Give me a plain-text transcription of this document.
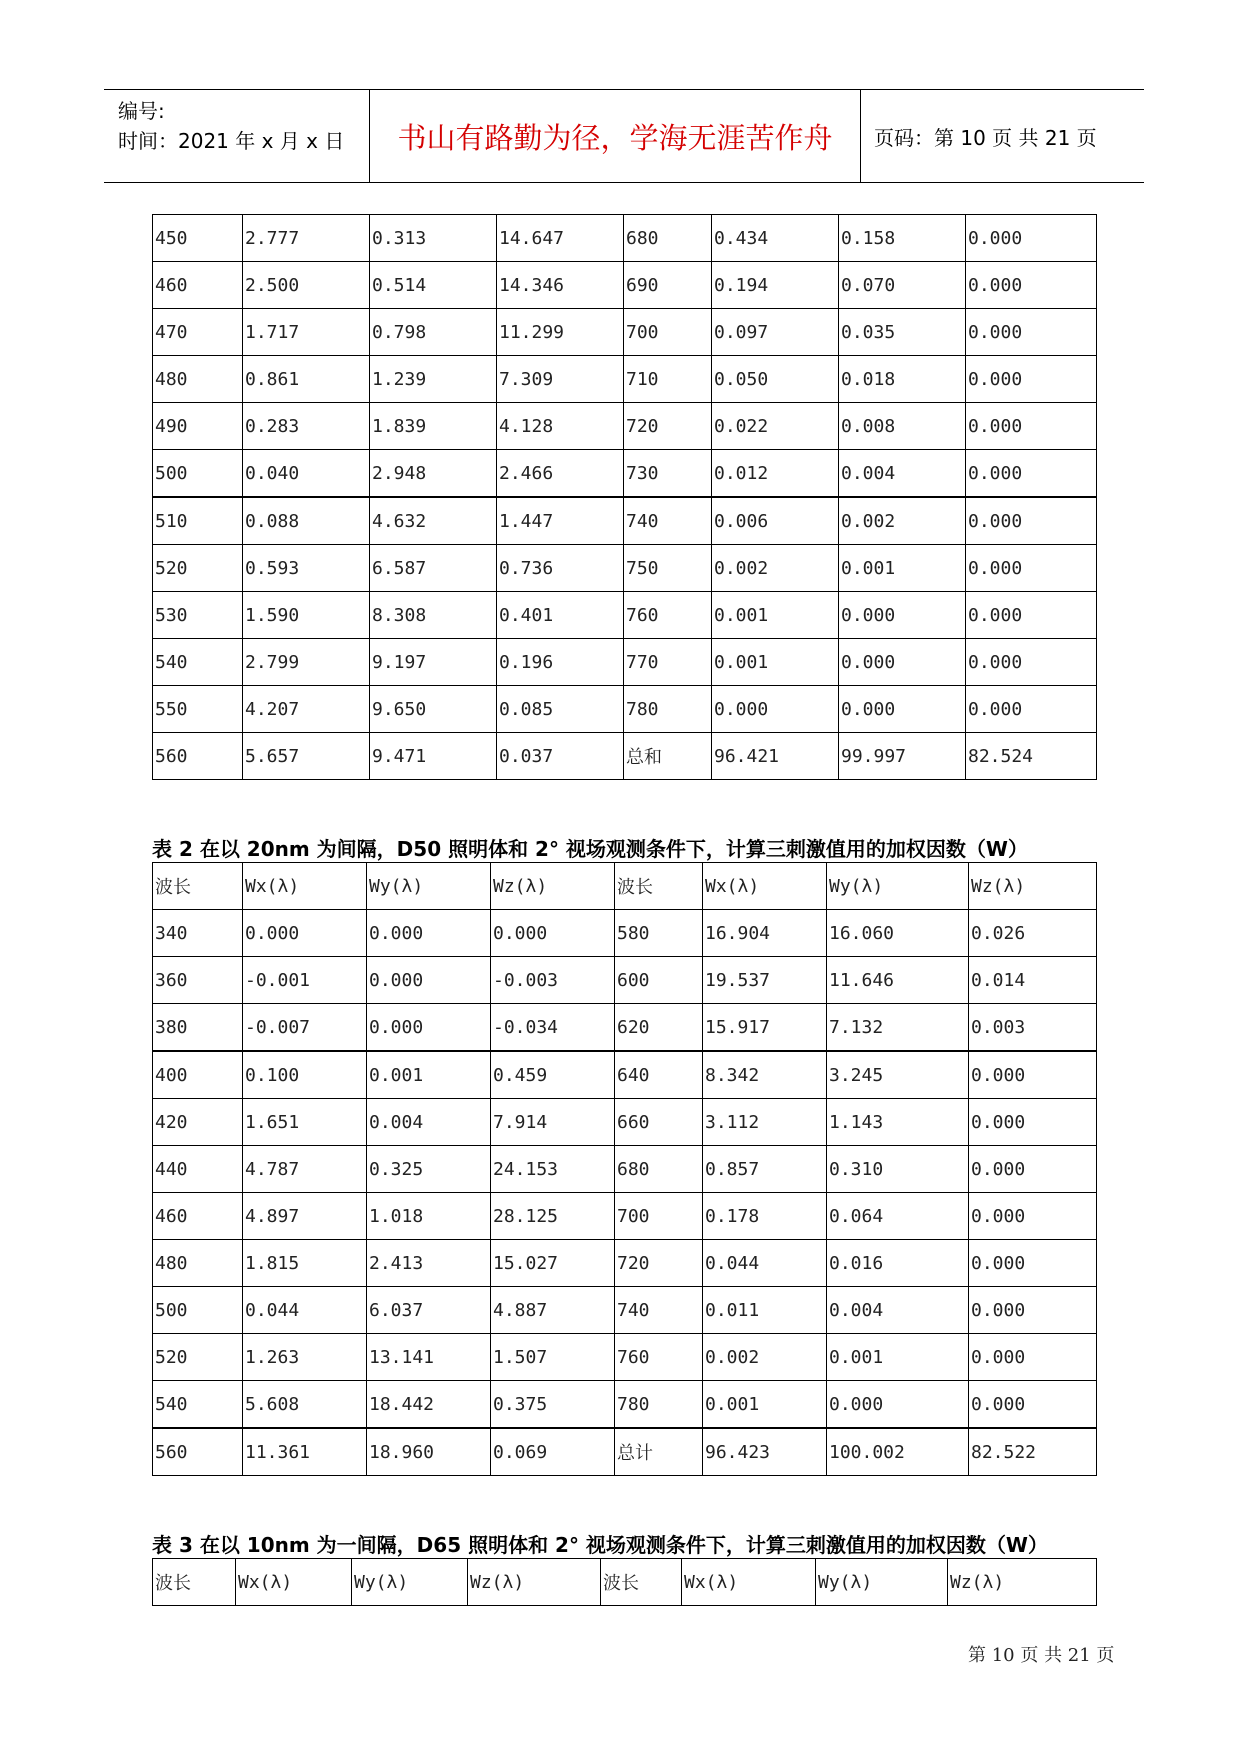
编号:
时间：2021 年 x 月 x 日	书山有路勤为径，学海无涯苦作舟	页码：第 10 页 共 21 页
450	2.777	0.313	14.647	680	0.434	0.158	0.000
460	2.500	0.514	14.346	690	0.194	0.070	0.000
470	1.717	0.798	11.299	700	0.097	0.035	0.000
480	0.861	1.239	7.309	710	0.050	0.018	0.000
490	0.283	1.839	4.128	720	0.022	0.008	0.000
500	0.040	2.948	2.466	730	0.012	0.004	0.000
510	0.088	4.632	1.447	740	0.006	0.002	0.000
520	0.593	6.587	0.736	750	0.002	0.001	0.000
530	1.590	8.308	0.401	760	0.001	0.000	0.000
540	2.799	9.197	0.196	770	0.001	0.000	0.000
550	4.207	9.650	0.085	780	0.000	0.000	0.000
560	5.657	9.471	0.037	总和	96.421	99.997	82.524
表 2 在以 20nm 为间隔，D50 照明体和 2° 视场观测条件下，计算三刺激值用的加权因数（W）
波长	Wx(λ)	Wy(λ)	Wz(λ)	波长	Wx(λ)	Wy(λ)	Wz(λ)
340	0.000	0.000	0.000	580	16.904	16.060	0.026
360	-0.001	0.000	-0.003	600	19.537	11.646	0.014
380	-0.007	0.000	-0.034	620	15.917	7.132	0.003
400	0.100	0.001	0.459	640	8.342	3.245	0.000
420	1.651	0.004	7.914	660	3.112	1.143	0.000
440	4.787	0.325	24.153	680	0.857	0.310	0.000
460	4.897	1.018	28.125	700	0.178	0.064	0.000
480	1.815	2.413	15.027	720	0.044	0.016	0.000
500	0.044	6.037	4.887	740	0.011	0.004	0.000
520	1.263	13.141	1.507	760	0.002	0.001	0.000
540	5.608	18.442	0.375	780	0.001	0.000	0.000
560	11.361	18.960	0.069	总计	96.423	100.002	82.522
表 3 在以 10nm 为一间隔，D65 照明体和 2° 视场观测条件下，计算三刺激值用的加权因数（W）
波长	Wx(λ)	Wy(λ)	Wz(λ)	波长	Wx(λ)	Wy(λ)	Wz(λ)
第 10 页 共 21 页
